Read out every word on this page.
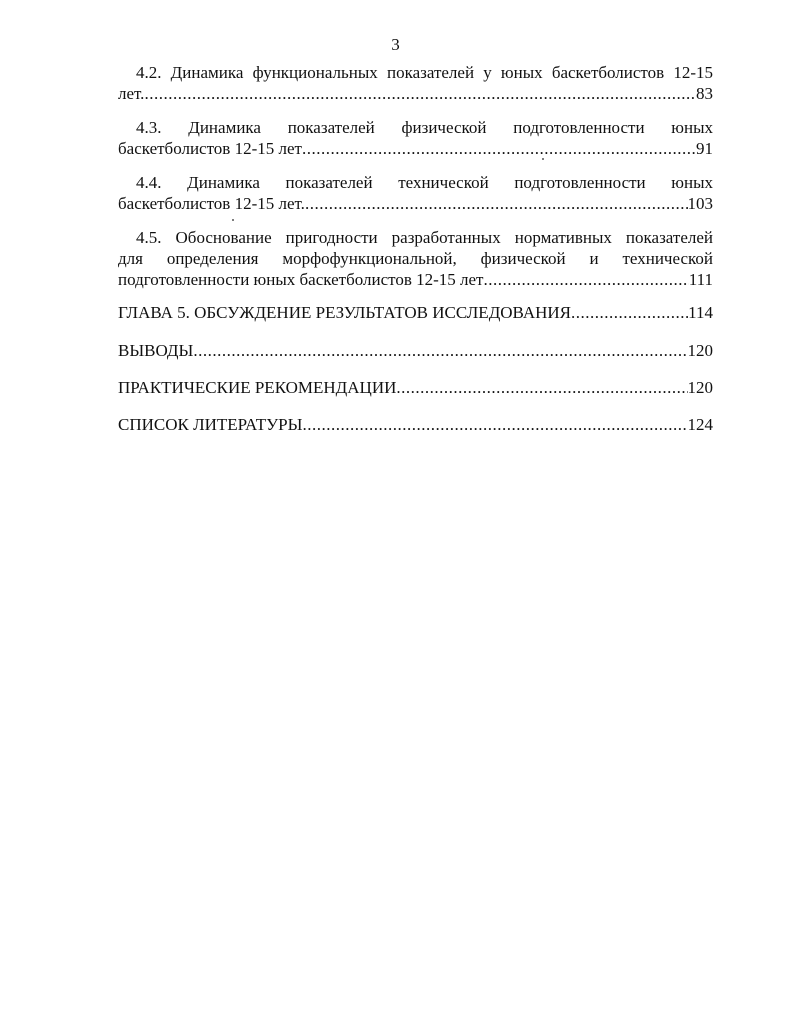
3
4.2. Динамика функциональных показателей у юных баскетболистов 12-15
лет. .....	83
4.3. Динамика показателей физической подготовленности юных
баскетболистов 12-15 лет .....	91
4.4. Динамика показателей технической подготовленности юных
баскетболистов 12-15 лет. .....	103
4.5. Обоснование пригодности разработанных нормативных показателей
для определения морфофункциональной, физической и технической
подготовленности юных баскетболистов 12-15 лет .....	111
ГЛАВА 5. ОБСУЖДЕНИЕ РЕЗУЛЬТАТОВ ИССЛЕДОВАНИЯ .....	114
ВЫВОДЫ .....	120
ПРАКТИЧЕСКИЕ РЕКОМЕНДАЦИИ .....	120
СПИСОК ЛИТЕРАТУРЫ .....	124
